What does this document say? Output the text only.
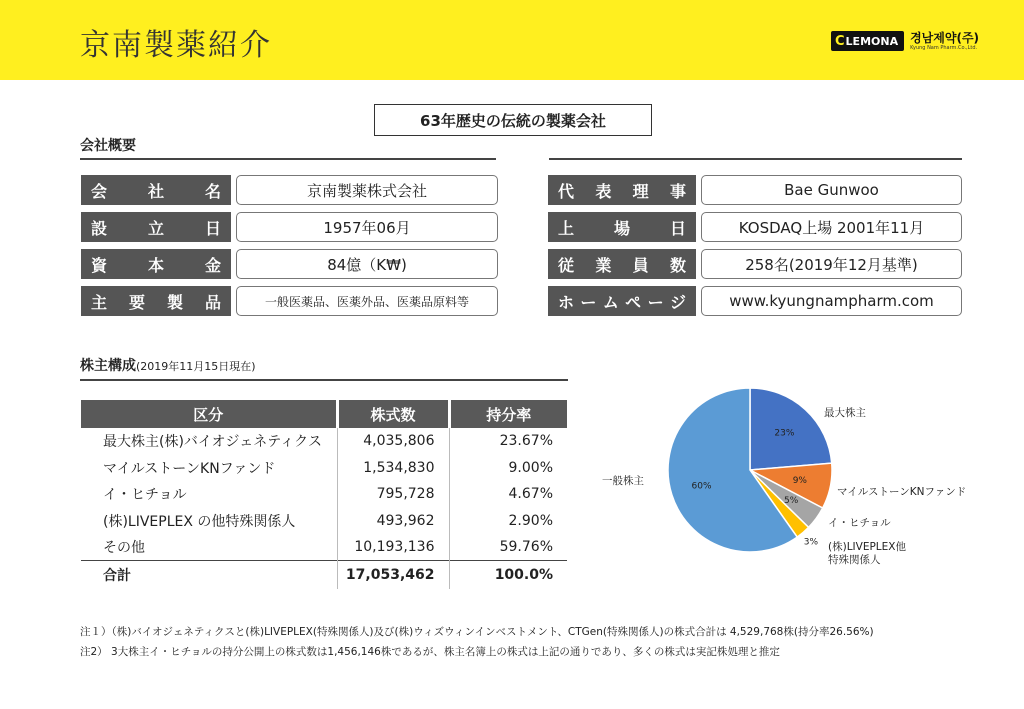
京南製薬紹介	C LEMONA 경남제약(주)
Kyung Nam Pharm.Co.,Ltd.
63年歴史の伝統の製薬会社
会社概要
会	社	名	京南製薬株式会社
設	立	日	1957年06月
資	本	金	84億（K₩)
主 要 製 品	一般医薬品、医薬外品、医薬品原料等
代 表 理 事	Bae Gunwoo
上 場 日	KOSDAQ上場 2001年11月
従 業 員 数	258名(2019年12月基準)
ホ ー ム ペ ー ジ	www.kyungnampharm.com
株主構成(2019年11月15日現在)
区分	株式数	持分率
最大株主(株)バイオジェネティクス	4,035,806	23.67%
マイルストーンKNファンド	1,534,830	9.00%
イ・ヒチョル	795,728	4.67%
(株)LIVEPLEX の他特殊関係人	493,962	2.90%
その他	10,193,136	59.76%
合計	17,053,462	100.0%
23%
最大株主
9%
マイルストーンKNファンド
5%
イ・ヒチョル
3% (株)LIVEPLEX他特殊関係人
60%
一般株主
注１）（株)バイオジェネティクスと(株)LIVEPLEX(特殊関係人)及び(株)ウィズウィンインベストメント、CTGen(特殊関係人)の株式合計は 4,529,768株(持分率26.56%)
注2） 3大株主イ・ヒチョルの持分公開上の株式数は1,456,146株であるが、株主名簿上の株式は上記の通りであり、多くの株式は実記株処理と推定
